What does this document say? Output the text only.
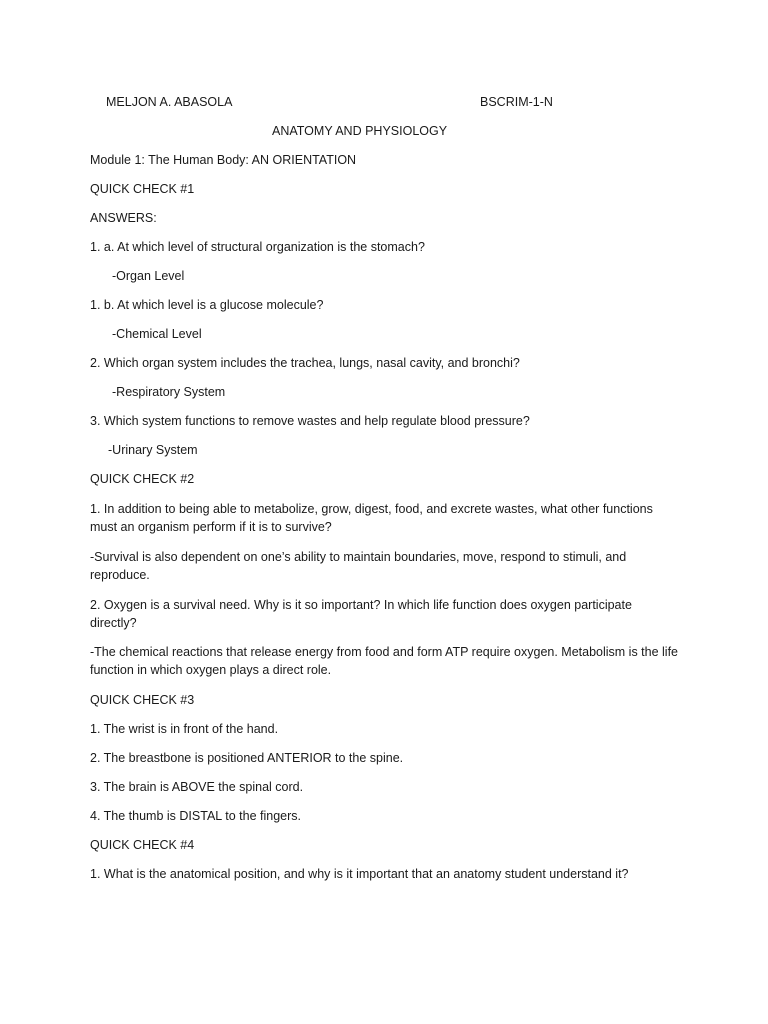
MELJON A. ABASOLA	BSCRIM-1-N
ANATOMY AND PHYSIOLOGY
Module 1: The Human Body: AN ORIENTATION
QUICK CHECK #1
ANSWERS:
1. a. At which level of structural organization is the stomach?
-Organ Level
1. b. At which level is a glucose molecule?
-Chemical Level
2. Which organ system includes the trachea, lungs, nasal cavity, and bronchi?
-Respiratory System
3. Which system functions to remove wastes and help regulate blood pressure?
-Urinary System
QUICK CHECK #2
1. In addition to being able to metabolize, grow, digest, food, and excrete wastes, what other functions must an organism perform if it is to survive?
-Survival is also dependent on one’s ability to maintain boundaries, move, respond to stimuli, and reproduce.
2. Oxygen is a survival need. Why is it so important? In which life function does oxygen participate directly?
-The chemical reactions that release energy from food and form ATP require oxygen. Metabolism is the life function in which oxygen plays a direct role.
QUICK CHECK #3
1. The wrist is in front of the hand.
2. The breastbone is positioned ANTERIOR to the spine.
3. The brain is ABOVE the spinal cord.
4. The thumb is DISTAL to the fingers.
QUICK CHECK #4
1. What is the anatomical position, and why is it important that an anatomy student understand it?
